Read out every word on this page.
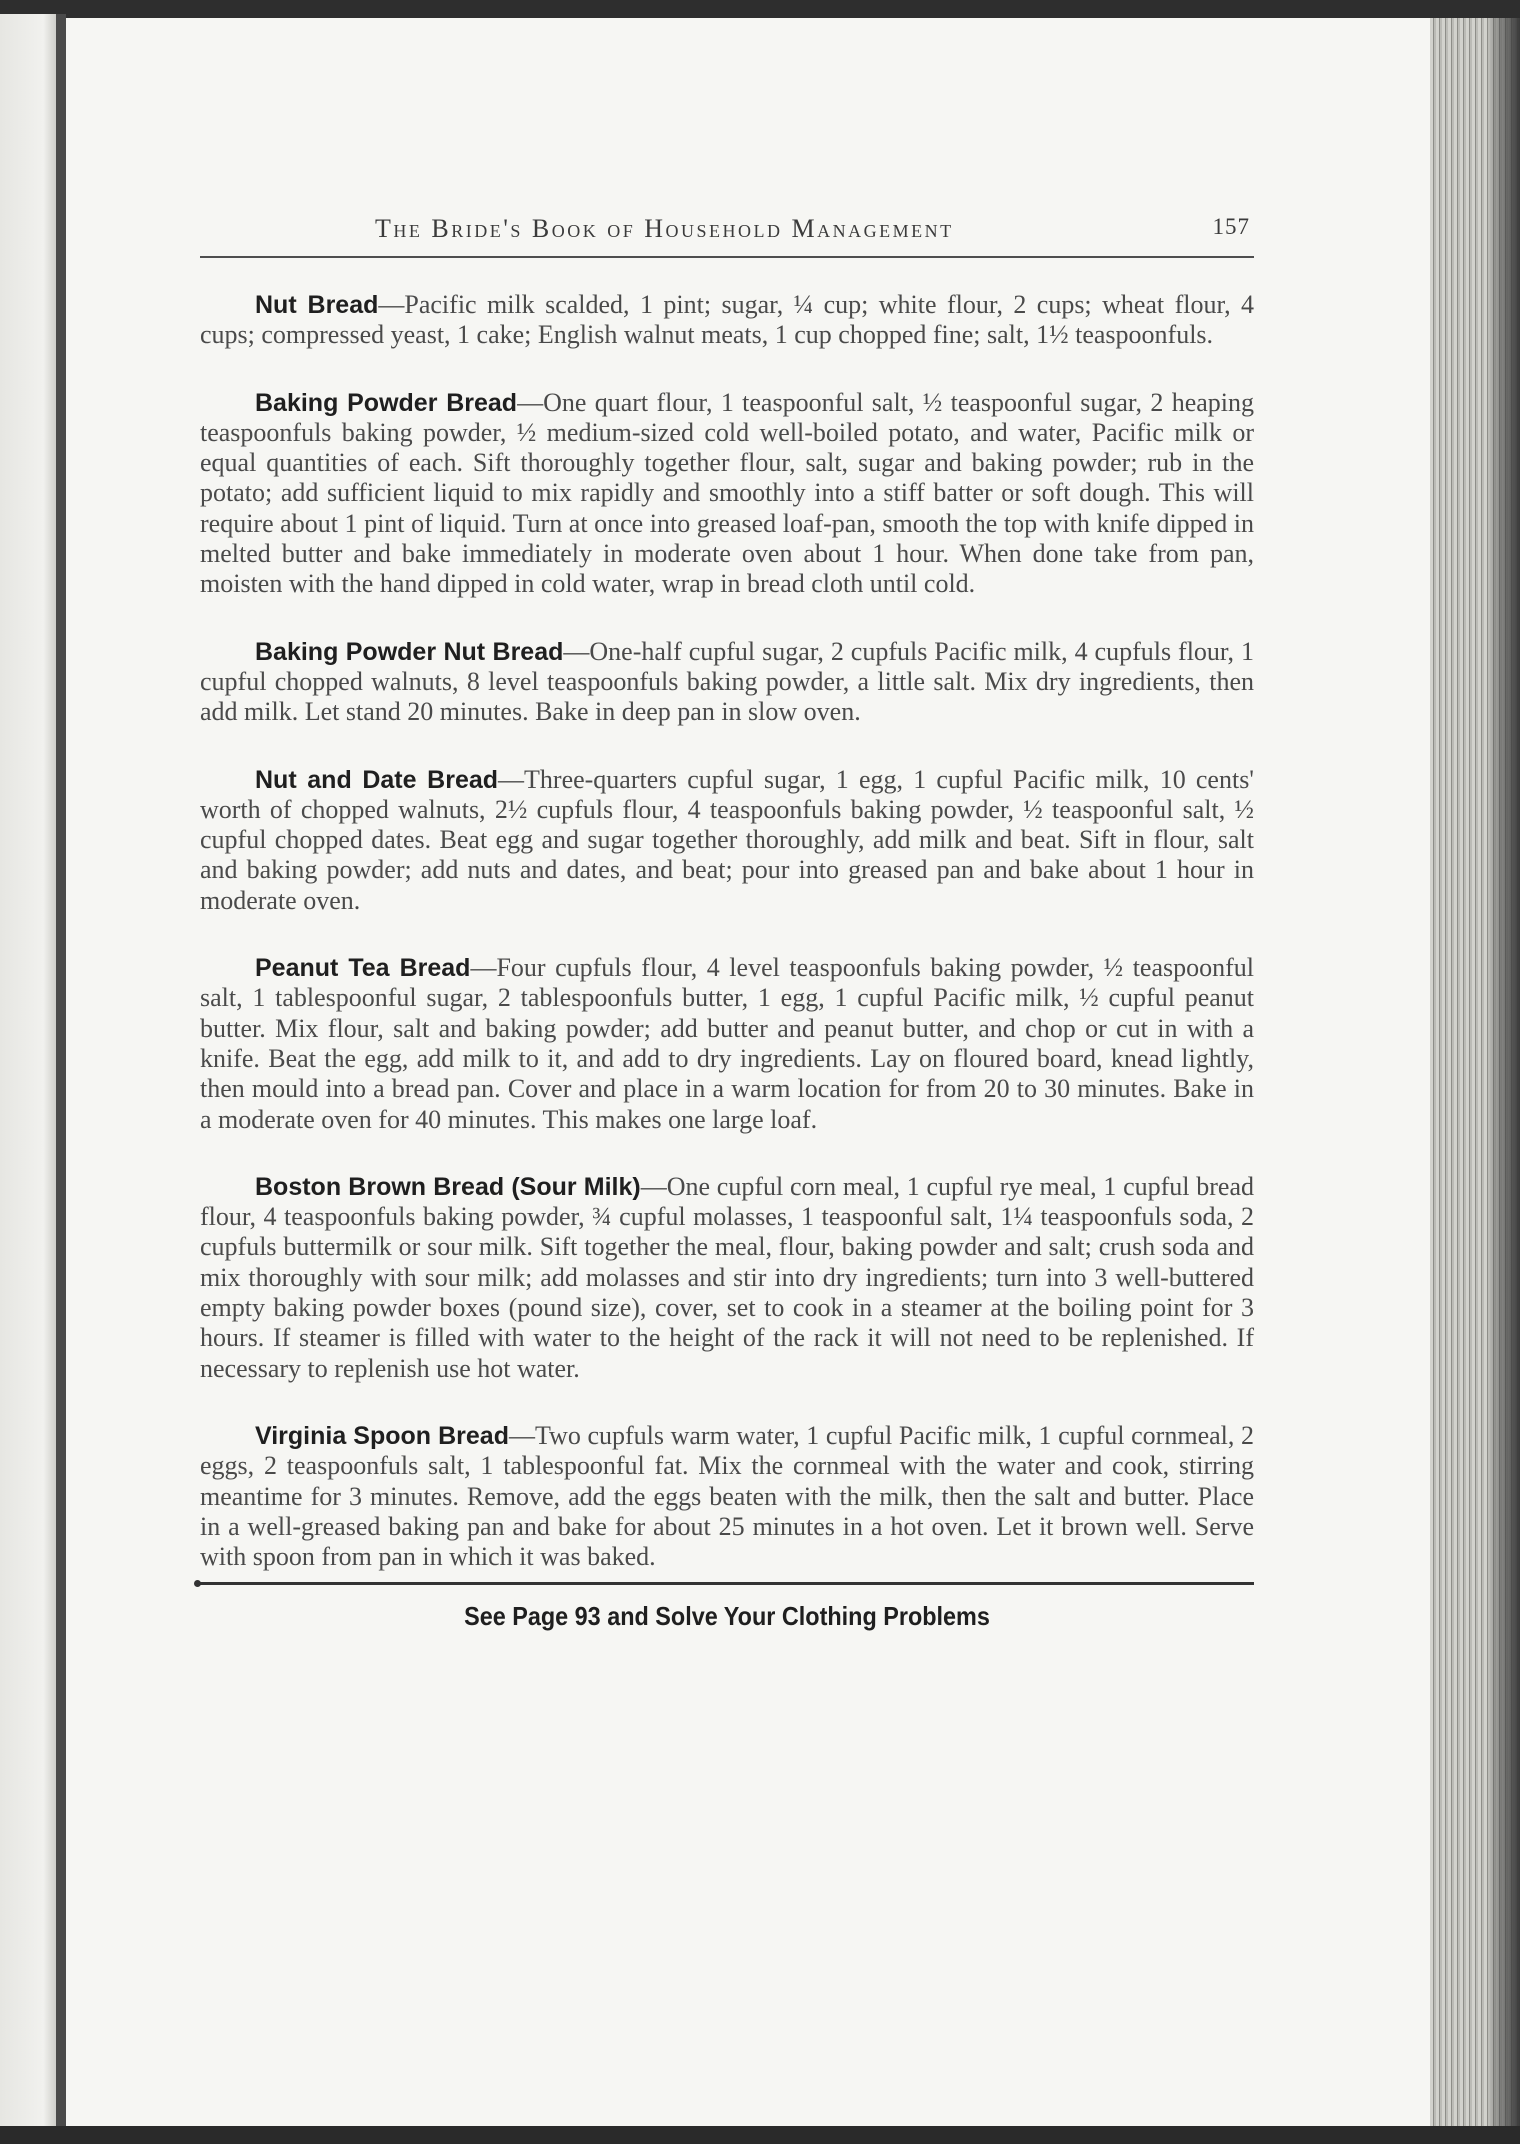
The Bride's Book of Household Management	157

Nut Bread—Pacific milk scalded, 1 pint; sugar, ¼ cup; white flour, 2 cups; wheat flour, 4 cups; compressed yeast, 1 cake; English walnut meats, 1 cup chopped fine; salt, 1½ teaspoonfuls.

Baking Powder Bread—One quart flour, 1 teaspoonful salt, ½ teaspoonful sugar, 2 heaping teaspoonfuls baking powder, ½ medium-sized cold well-boiled potato, and water, Pacific milk or equal quantities of each. Sift thoroughly together flour, salt, sugar and baking powder; rub in the potato; add sufficient liquid to mix rapidly and smoothly into a stiff batter or soft dough. This will require about 1 pint of liquid. Turn at once into greased loaf-pan, smooth the top with knife dipped in melted butter and bake immediately in moderate oven about 1 hour. When done take from pan, moisten with the hand dipped in cold water, wrap in bread cloth until cold.

Baking Powder Nut Bread—One-half cupful sugar, 2 cupfuls Pacific milk, 4 cupfuls flour, 1 cupful chopped walnuts, 8 level teaspoonfuls baking powder, a little salt. Mix dry ingredients, then add milk. Let stand 20 minutes. Bake in deep pan in slow oven.

Nut and Date Bread—Three-quarters cupful sugar, 1 egg, 1 cupful Pacific milk, 10 cents' worth of chopped walnuts, 2½ cupfuls flour, 4 teaspoonfuls baking powder, ½ teaspoonful salt, ½ cupful chopped dates. Beat egg and sugar together thoroughly, add milk and beat. Sift in flour, salt and baking powder; add nuts and dates, and beat; pour into greased pan and bake about 1 hour in moderate oven.

Peanut Tea Bread—Four cupfuls flour, 4 level teaspoonfuls baking powder, ½ teaspoonful salt, 1 tablespoonful sugar, 2 tablespoonfuls butter, 1 egg, 1 cupful Pacific milk, ½ cupful peanut butter. Mix flour, salt and baking powder; add butter and peanut butter, and chop or cut in with a knife. Beat the egg, add milk to it, and add to dry ingredients. Lay on floured board, knead lightly, then mould into a bread pan. Cover and place in a warm location for from 20 to 30 minutes. Bake in a moderate oven for 40 minutes. This makes one large loaf.

Boston Brown Bread (Sour Milk)—One cupful corn meal, 1 cupful rye meal, 1 cupful bread flour, 4 teaspoonfuls baking powder, ¾ cupful molasses, 1 teaspoonful salt, 1¼ teaspoonfuls soda, 2 cupfuls buttermilk or sour milk. Sift together the meal, flour, baking powder and salt; crush soda and mix thoroughly with sour milk; add molasses and stir into dry ingredients; turn into 3 well-buttered empty baking powder boxes (pound size), cover, set to cook in a steamer at the boiling point for 3 hours. If steamer is filled with water to the height of the rack it will not need to be replenished. If necessary to replenish use hot water.

Virginia Spoon Bread—Two cupfuls warm water, 1 cupful Pacific milk, 1 cupful cornmeal, 2 eggs, 2 teaspoonfuls salt, 1 tablespoonful fat. Mix the cornmeal with the water and cook, stirring meantime for 3 minutes. Remove, add the eggs beaten with the milk, then the salt and butter. Place in a well-greased baking pan and bake for about 25 minutes in a hot oven. Let it brown well. Serve with spoon from pan in which it was baked.

See Page 93 and Solve Your Clothing Problems
